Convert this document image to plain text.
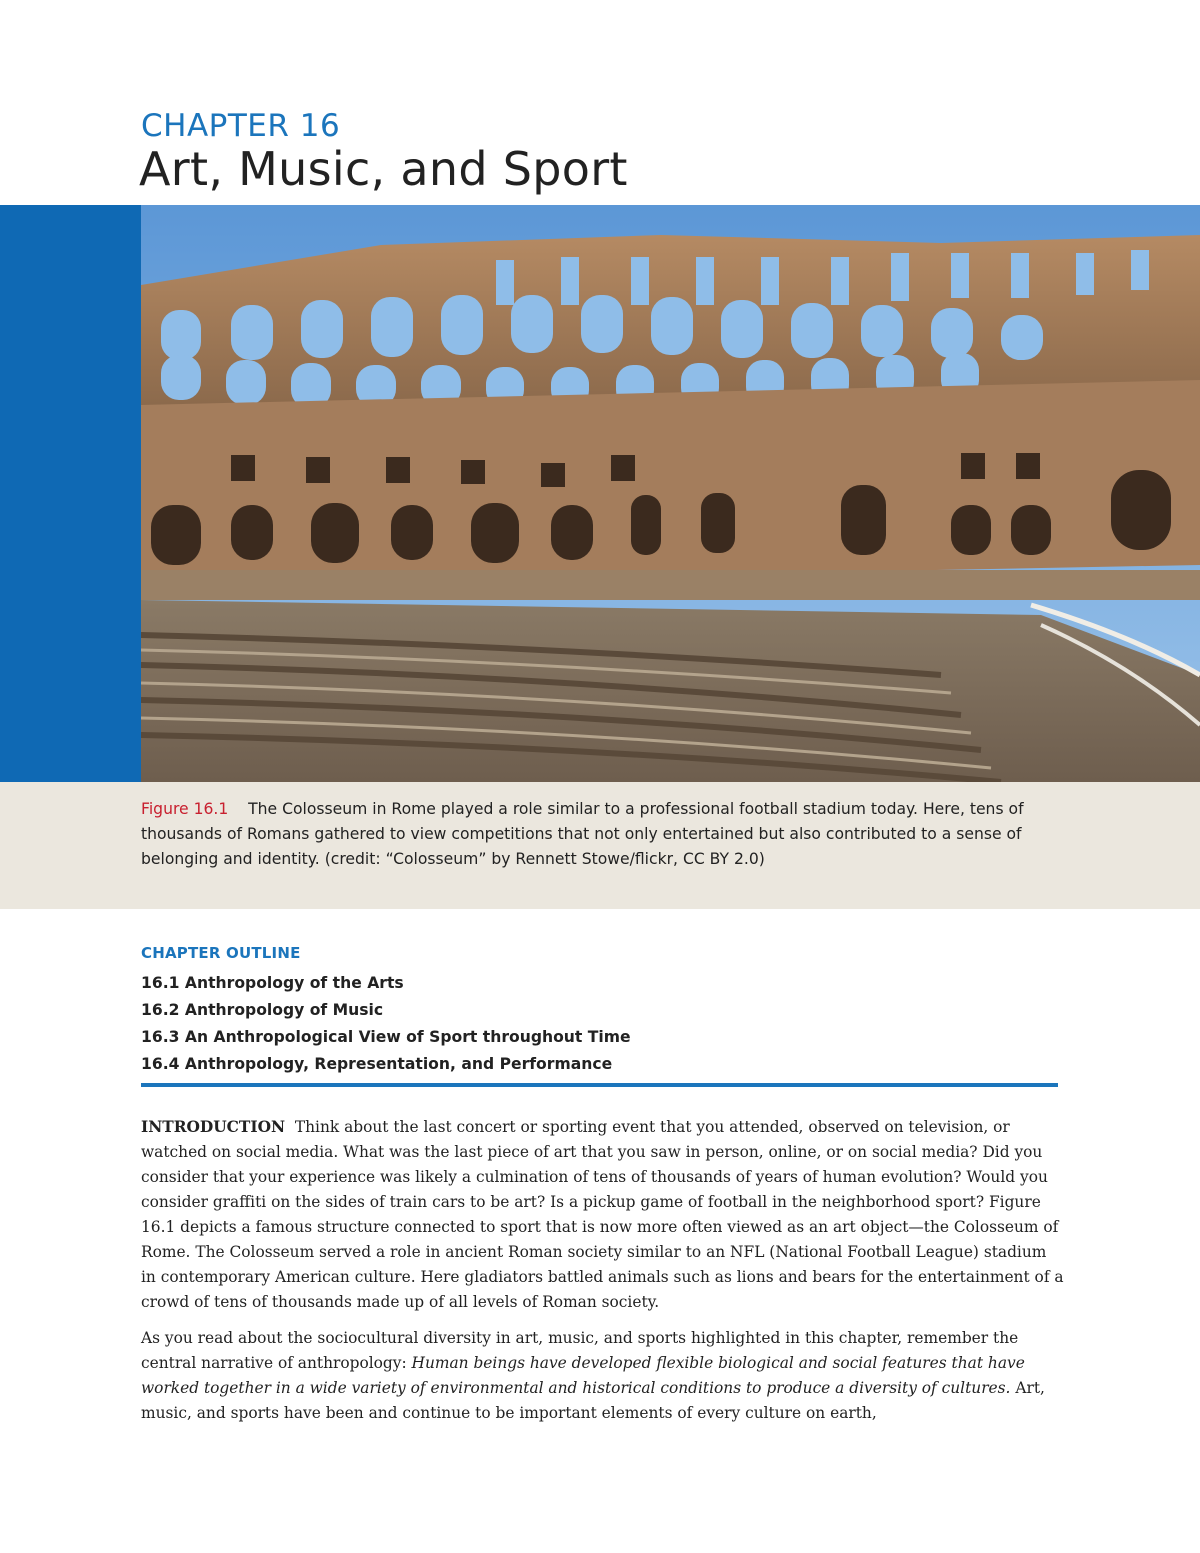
CHAPTER 16
Art, Music, and Sport

Figure 16.1 The Colosseum in Rome played a role similar to a professional football stadium today. Here, tens of thousands of Romans gathered to view competitions that not only entertained but also contributed to a sense of belonging and identity. (credit: “Colosseum” by Rennett Stowe/flickr, CC BY 2.0)

CHAPTER OUTLINE
16.1 Anthropology of the Arts
16.2 Anthropology of Music
16.3 An Anthropological View of Sport throughout Time
16.4 Anthropology, Representation, and Performance

INTRODUCTION Think about the last concert or sporting event that you attended, observed on television, or watched on social media. What was the last piece of art that you saw in person, online, or on social media? Did you consider that your experience was likely a culmination of tens of thousands of years of human evolution? Would you consider graffiti on the sides of train cars to be art? Is a pickup game of football in the neighborhood sport? Figure 16.1 depicts a famous structure connected to sport that is now more often viewed as an art object—the Colosseum of Rome. The Colosseum served a role in ancient Roman society similar to an NFL (National Football League) stadium in contemporary American culture. Here gladiators battled animals such as lions and bears for the entertainment of a crowd of tens of thousands made up of all levels of Roman society.

As you read about the sociocultural diversity in art, music, and sports highlighted in this chapter, remember the central narrative of anthropology: Human beings have developed flexible biological and social features that have worked together in a wide variety of environmental and historical conditions to produce a diversity of cultures. Art, music, and sports have been and continue to be important elements of every culture on earth,
